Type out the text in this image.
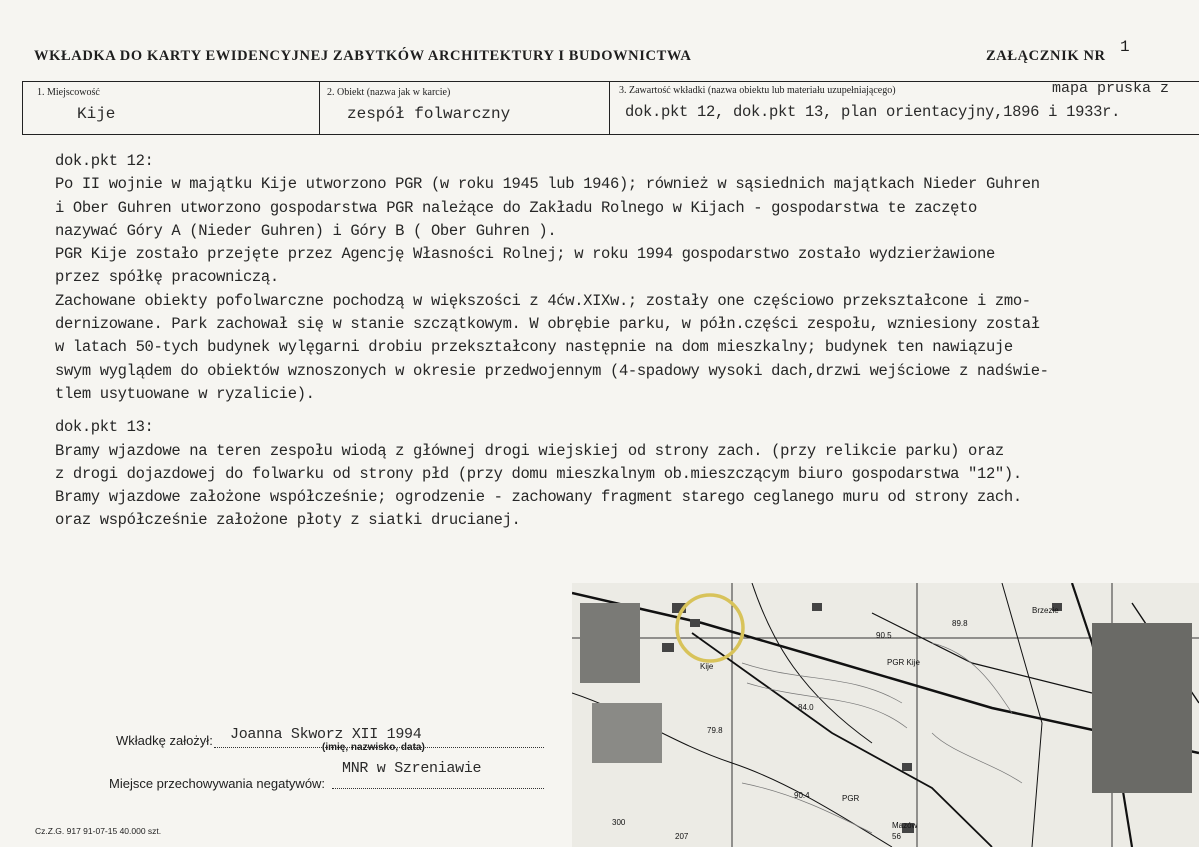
WKŁADKA DO KARTY EWIDENCYJNEJ ZABYTKÓW ARCHITEKTURY I BUDOWNICTWA	ZAŁĄCZNIK NR 1
1. Miejscowość
Kije
2. Obiekt (nazwa jak w karcie)
zespół folwarczny
3. Zawartość wkładki (nazwa obiektu lub materiału uzupełniającego)	mapa pruska z
dok.pkt 12, dok.pkt 13, plan orientacyjny,1896 i 1933r.
dok.pkt 12:
Po II wojnie w majątku Kije utworzono PGR (w roku 1945 lub 1946); również w sąsiednich majątkach Nieder Guhren
i Ober Guhren utworzono gospodarstwa PGR należące do Zakładu Rolnego w Kijach - gospodarstwa te zaczęto
nazywać Góry A (Nieder Guhren) i Góry B ( Ober Guhren ).
PGR Kije zostało przejęte przez Agencję Własności Rolnej; w roku 1994 gospodarstwo zostało wydzierżawione
przez spółkę pracowniczą.
Zachowane obiekty pofolwarczne pochodzą w większości z 4ćw.XIXw.; zostały one częściowo przekształcone i zmo-
dernizowane. Park zachował się w stanie szczątkowym. W obrębie parku, w półn.części zespołu, wzniesiony został
w latach 50-tych budynek wylęgarni drobiu przekształcony następnie na dom mieszkalny; budynek ten nawiązuje
swym wyglądem do obiektów wznoszonych w okresie przedwojennym (4-spadowy wysoki dach,drzwi wejściowe z nadświe-
tlem usytuowane w ryzalicie).
dok.pkt 13:
Bramy wjazdowe na teren zespołu wiodą z głównej drogi wiejskiej od strony zach. (przy relikcie parku) oraz
z drogi dojazdowej do folwarku od strony płd (przy domu mieszkalnym ob.mieszczącym biuro gospodarstwa "12").
Bramy wjazdowe założone współcześnie; ogrodzenie - zachowany fragment starego ceglanego muru od strony zach.
oraz współcześnie założone płoty z siatki drucianej.
Wkładkę założył: Joanna Skworz XII 1994
(imię, nazwisko, data)
Miejsce przechowywania negatywów:
MNR w Szreniawie
Cz.Z.G. 917 91-07-15 40.000 szt.
Kije	PGR Kije
Mazów
89.8
90.5
90.4
79.8
84.0
300
207
Brzezie
PGR
56
